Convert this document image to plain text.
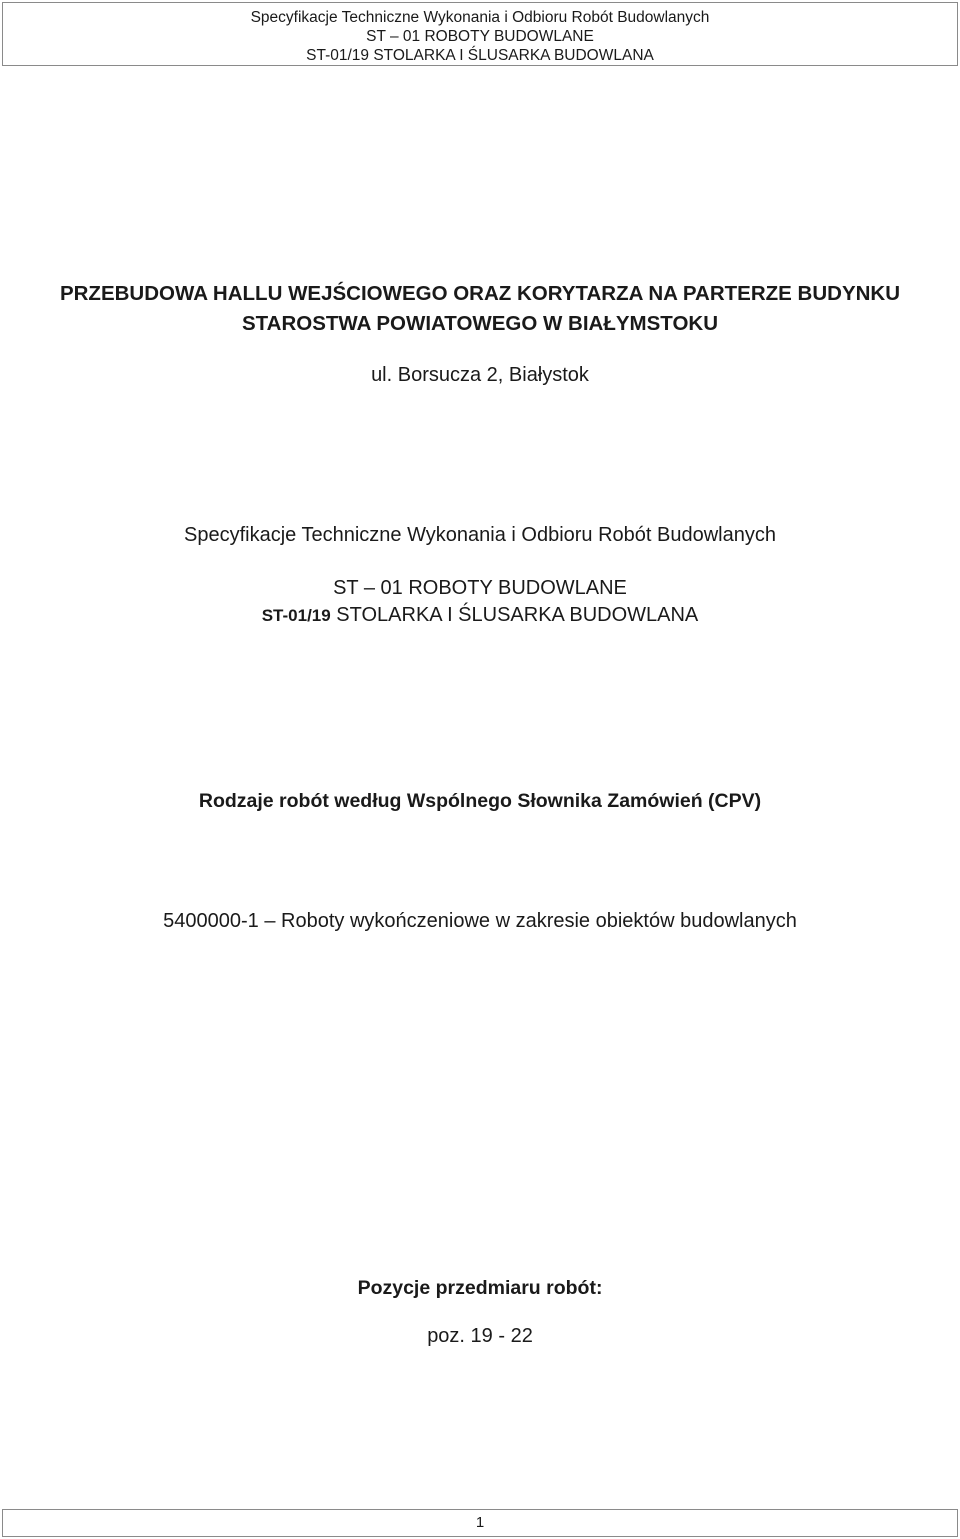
Specyfikacje Techniczne Wykonania i Odbioru Robót Budowlanych
ST – 01 ROBOTY BUDOWLANE
ST-01/19 STOLARKA I ŚLUSARKA BUDOWLANA
PRZEBUDOWA HALLU WEJŚCIOWEGO ORAZ KORYTARZA NA PARTERZE BUDYNKU
STAROSTWA POWIATOWEGO W BIAŁYMSTOKU
ul. Borsucza 2, Białystok
Specyfikacje Techniczne Wykonania i Odbioru Robót Budowlanych
ST – 01 ROBOTY BUDOWLANE
ST-01/19 STOLARKA I ŚLUSARKA BUDOWLANA
Rodzaje robót według Wspólnego Słownika Zamówień (CPV)
5400000-1 – Roboty wykończeniowe w zakresie obiektów budowlanych
Pozycje przedmiaru robót:
poz. 19 - 22
1
